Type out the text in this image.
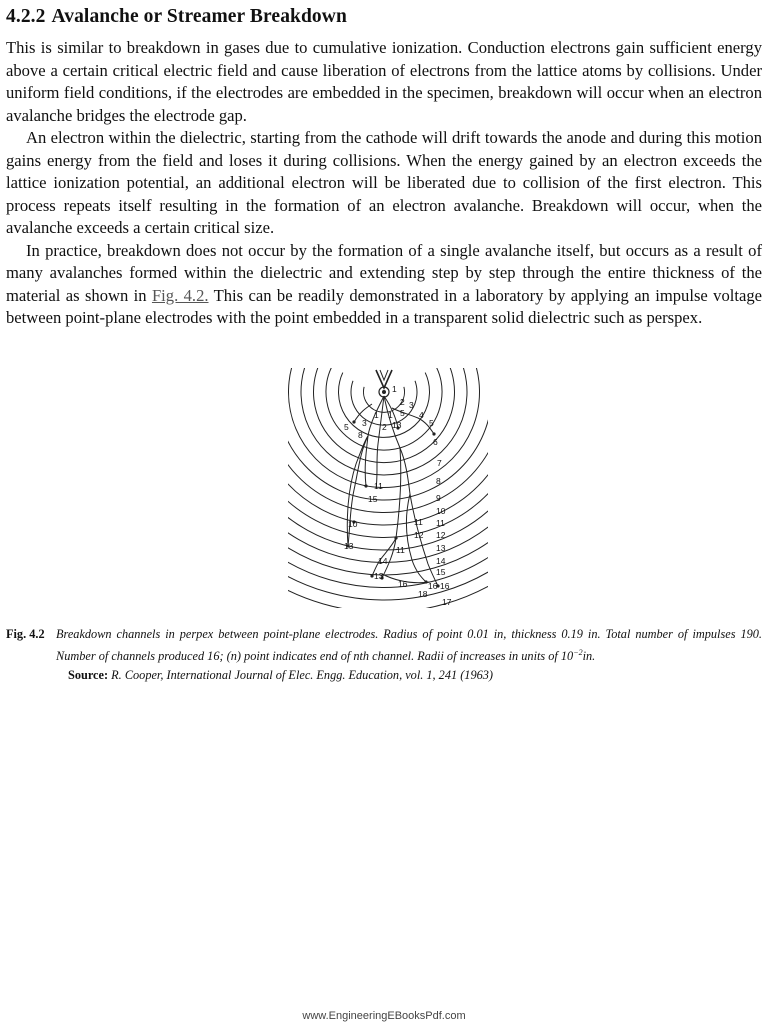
4.2.2 Avalanche or Streamer Breakdown

This is similar to breakdown in gases due to cumulative ionization. Conduction electrons gain sufficient energy above a certain critical electric field and cause liberation of electrons from the lattice atoms by collisions. Under uniform field conditions, if the electrodes are embedded in the specimen, breakdown will occur when an electron avalanche bridges the electrode gap.

An electron within the dielectric, starting from the cathode will drift towards the anode and during this motion gains energy from the field and loses it during collisions. When the energy gained by an electron exceeds the lattice ionization potential, an additional electron will be liberated due to collision of the first electron. This process repeats itself resulting in the formation of an electron avalanche. Breakdown will occur, when the avalanche exceeds a certain critical size.

In practice, breakdown does not occur by the formation of a single avalanche itself, but occurs as a result of many avalanches formed within the dielectric and extending step by step through the entire thickness of the material as shown in Fig. 4.2. This can be readily demonstrated in a laboratory by applying an impulse voltage between point-plane electrodes with the point embedded in a transparent solid dielectric such as perspex.

1
2 3
4
5
6
7
8
9
10
11
12
13
14
15
16
17
5 3
1
2 13
1 5
8
11
15
10
13
14
11
12
11
13
16
18
16
Fig. 4.2 Breakdown channels in perpex between point-plane electrodes. Radius of point 0.01 in, thickness 0.19 in. Total number of impulses 190. Number of channels produced 16; (n) point indicates end of nth channel. Radii of increases in units of $10^{-2}in$.
Source: R. Cooper, International Journal of Elec. Engg. Education, vol. 1, 241 (1963)
www.EngineeringEBooksPdf.com
